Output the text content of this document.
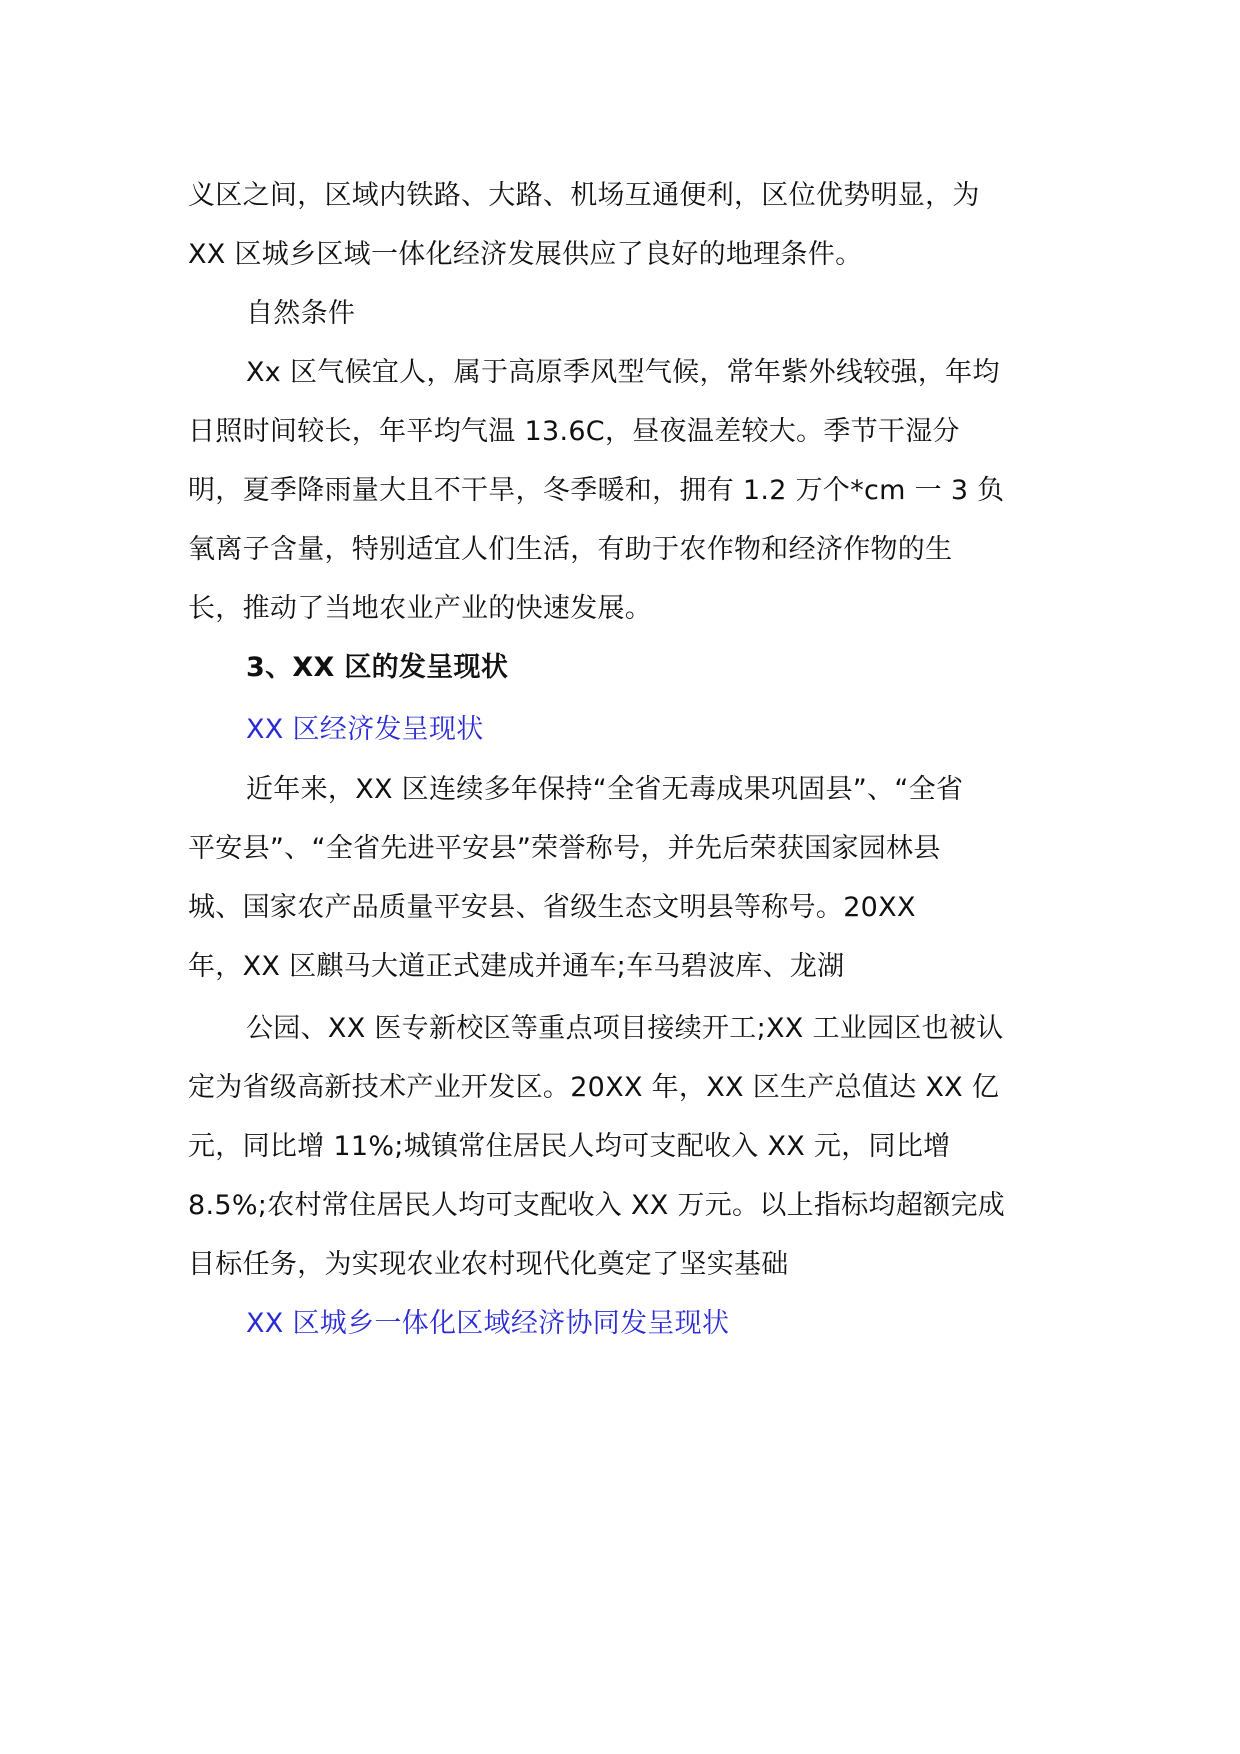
义区之间，区域内铁路、大路、机场互通便利，区位优势明显，为

XX 区城乡区域一体化经济发展供应了良好的地理条件。

自然条件

Xx 区气候宜人，属于高原季风型气候，常年紫外线较强，年均

日照时间较长，年平均气温 13.6C，昼夜温差较大。季节干湿分

明，夏季降雨量大且不干旱，冬季暖和，拥有 1.2 万个*cm 一 3 负

氧离子含量，特别适宜人们生活，有助于农作物和经济作物的生

长，推动了当地农业产业的快速发展。

3、XX 区的发呈现状

XX 区经济发呈现状

近年来，XX 区连续多年保持“全省无毒成果巩固县”、“全省

平安县”、“全省先进平安县”荣誉称号，并先后荣获国家园林县

城、国家农产品质量平安县、省级生态文明县等称号。20XX

年，XX 区麒马大道正式建成并通车;车马碧波库、龙湖

公园、XX 医专新校区等重点项目接续开工;XX 工业园区也被认

定为省级高新技术产业开发区。20XX 年，XX 区生产总值达 XX 亿

元，同比增 11%;城镇常住居民人均可支配收入 XX 元，同比增

8.5%;农村常住居民人均可支配收入 XX 万元。以上指标均超额完成

目标任务，为实现农业农村现代化奠定了坚实基础

XX 区城乡一体化区域经济协同发呈现状
